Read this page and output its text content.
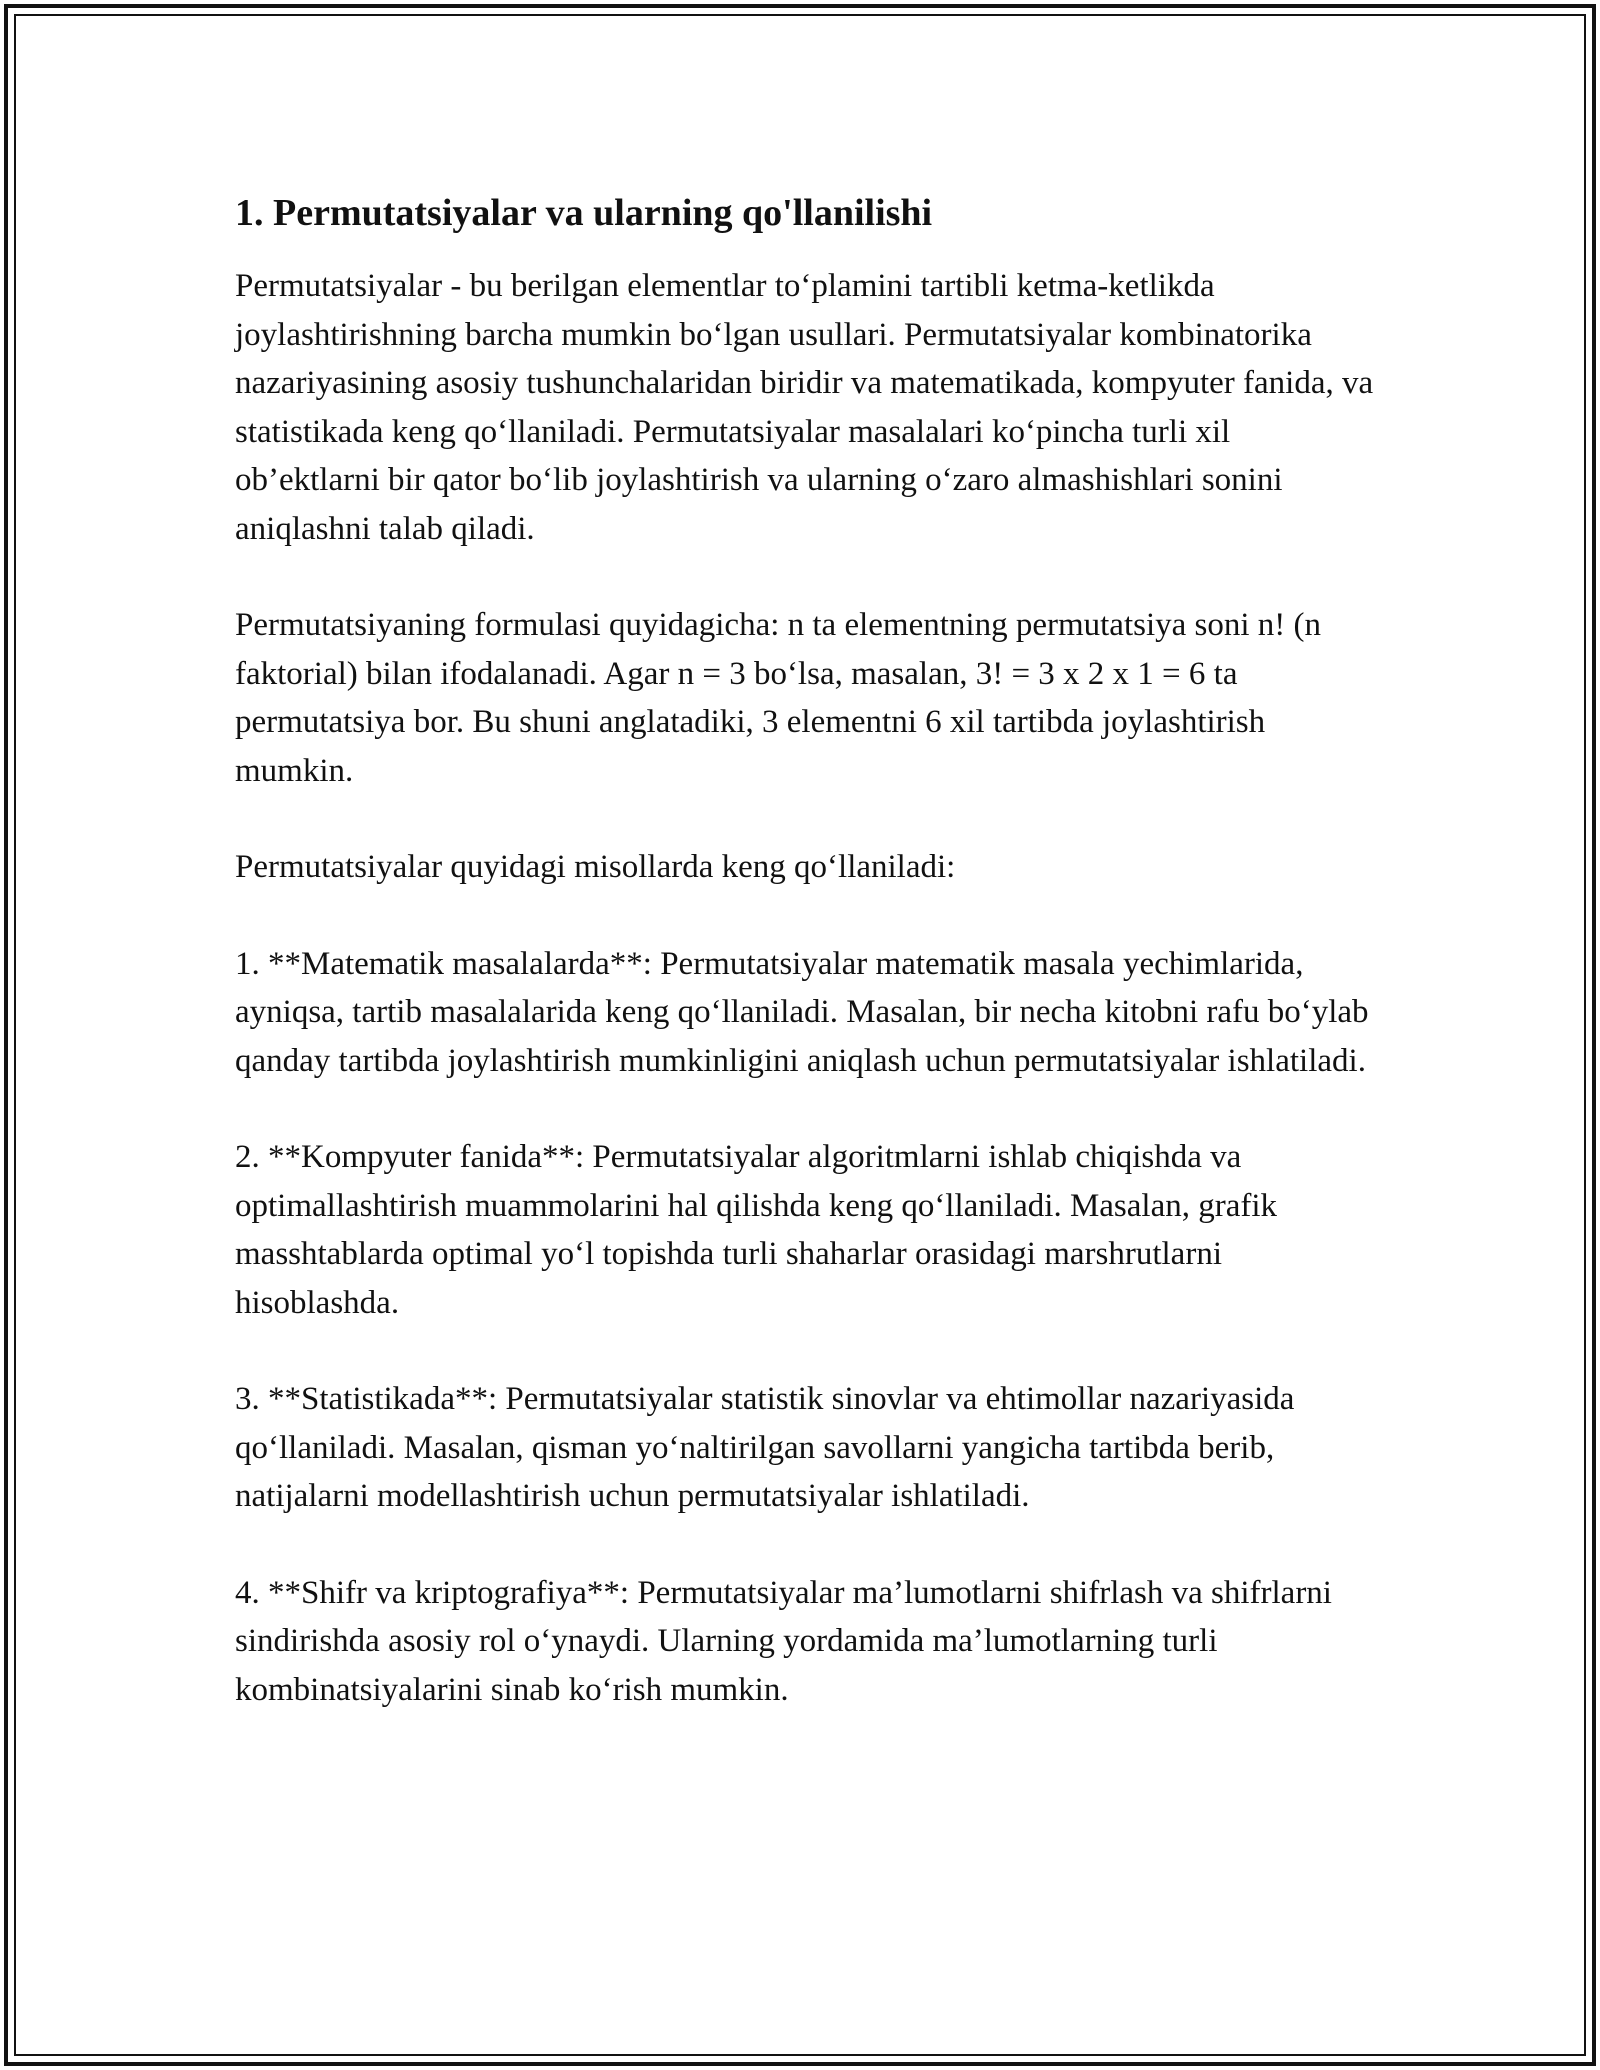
1. Permutatsiyalar va ularning qo'llanilishi

Permutatsiyalar - bu berilgan elementlar to‘plamini tartibli ketma-ketlikda joylashtirishning barcha mumkin bo‘lgan usullari. Permutatsiyalar kombinatorika nazariyasining asosiy tushunchalaridan biridir va matematikada, kompyuter fanida, va statistikada keng qo‘llaniladi. Permutatsiyalar masalalari ko‘pincha turli xil ob’ektlarni bir qator bo‘lib joylashtirish va ularning o‘zaro almashishlari sonini aniqlashni talab qiladi.

Permutatsiyaning formulasi quyidagicha: n ta elementning permutatsiya soni n! (n faktorial) bilan ifodalanadi. Agar n = 3 bo‘lsa, masalan, 3! = 3 x 2 x 1 = 6 ta permutatsiya bor. Bu shuni anglatadiki, 3 elementni 6 xil tartibda joylashtirish mumkin.

Permutatsiyalar quyidagi misollarda keng qo‘llaniladi:

1. **Matematik masalalarda**: Permutatsiyalar matematik masala yechimlarida, ayniqsa, tartib masalalarida keng qo‘llaniladi. Masalan, bir necha kitobni rafu bo‘ylab qanday tartibda joylashtirish mumkinligini aniqlash uchun permutatsiyalar ishlatiladi.

2. **Kompyuter fanida**: Permutatsiyalar algoritmlarni ishlab chiqishda va optimallashtirish muammolarini hal qilishda keng qo‘llaniladi. Masalan, grafik masshtablarda optimal yo‘l topishda turli shaharlar orasidagi marshrutlarni hisoblashda.

3. **Statistikada**: Permutatsiyalar statistik sinovlar va ehtimollar nazariyasida qo‘llaniladi. Masalan, qisman yo‘naltirilgan savollarni yangicha tartibda berib, natijalarni modellashtirish uchun permutatsiyalar ishlatiladi.

4. **Shifr va kriptografiya**: Permutatsiyalar ma’lumotlarni shifrlash va shifrlarni sindirishda asosiy rol o‘ynaydi. Ularning yordamida ma’lumotlarning turli kombinatsiyalarini sinab ko‘rish mumkin.
